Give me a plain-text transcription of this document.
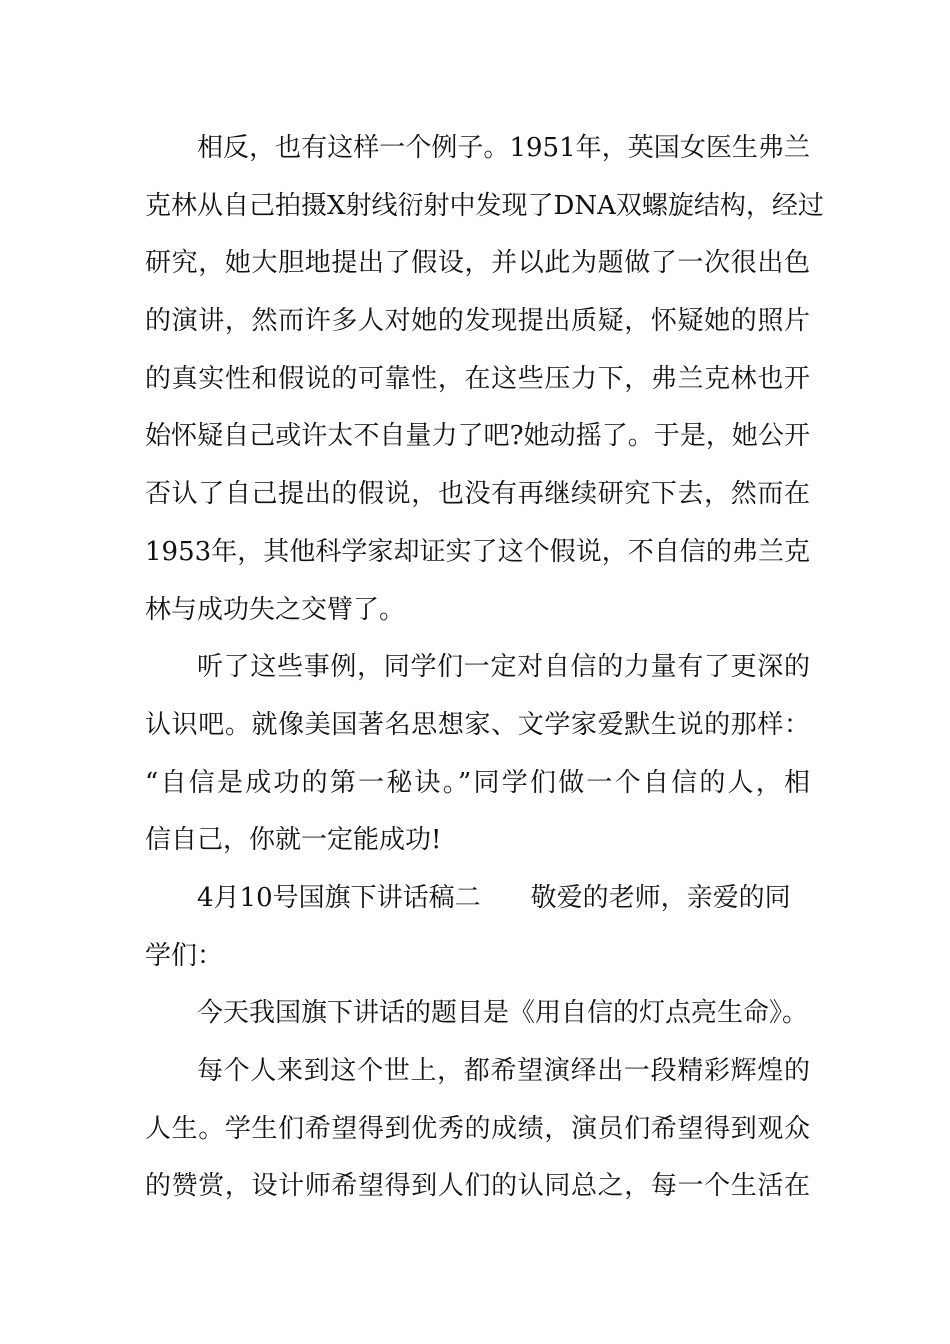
相反，也有这样一个例子。1951年，英国女医生弗兰
克林从自己拍摄X射线衍射中发现了DNA双螺旋结构，经过
研究，她大胆地提出了假设，并以此为题做了一次很出色
的演讲，然而许多人对她的发现提出质疑，怀疑她的照片
的真实性和假说的可靠性，在这些压力下，弗兰克林也开
始怀疑自己或许太不自量力了吧?她动摇了。于是，她公开
否认了自己提出的假说，也没有再继续研究下去，然而在
1953年，其他科学家却证实了这个假说，不自信的弗兰克
林与成功失之交臂了。
听了这些事例，同学们一定对自信的力量有了更深的
认识吧。就像美国著名思想家、文学家爱默生说的那样：
“自信是成功的第一秘诀。”同学们做一个自信的人，相
信自己，你就一定能成功!
4月10号国旗下讲话稿二 敬爱的老师，亲爱的同
学们：
今天我国旗下讲话的题目是《用自信的灯点亮生命》。
每个人来到这个世上，都希望演绎出一段精彩辉煌的
人生。学生们希望得到优秀的成绩，演员们希望得到观众
的赞赏，设计师希望得到人们的认同总之，每一个生活在
